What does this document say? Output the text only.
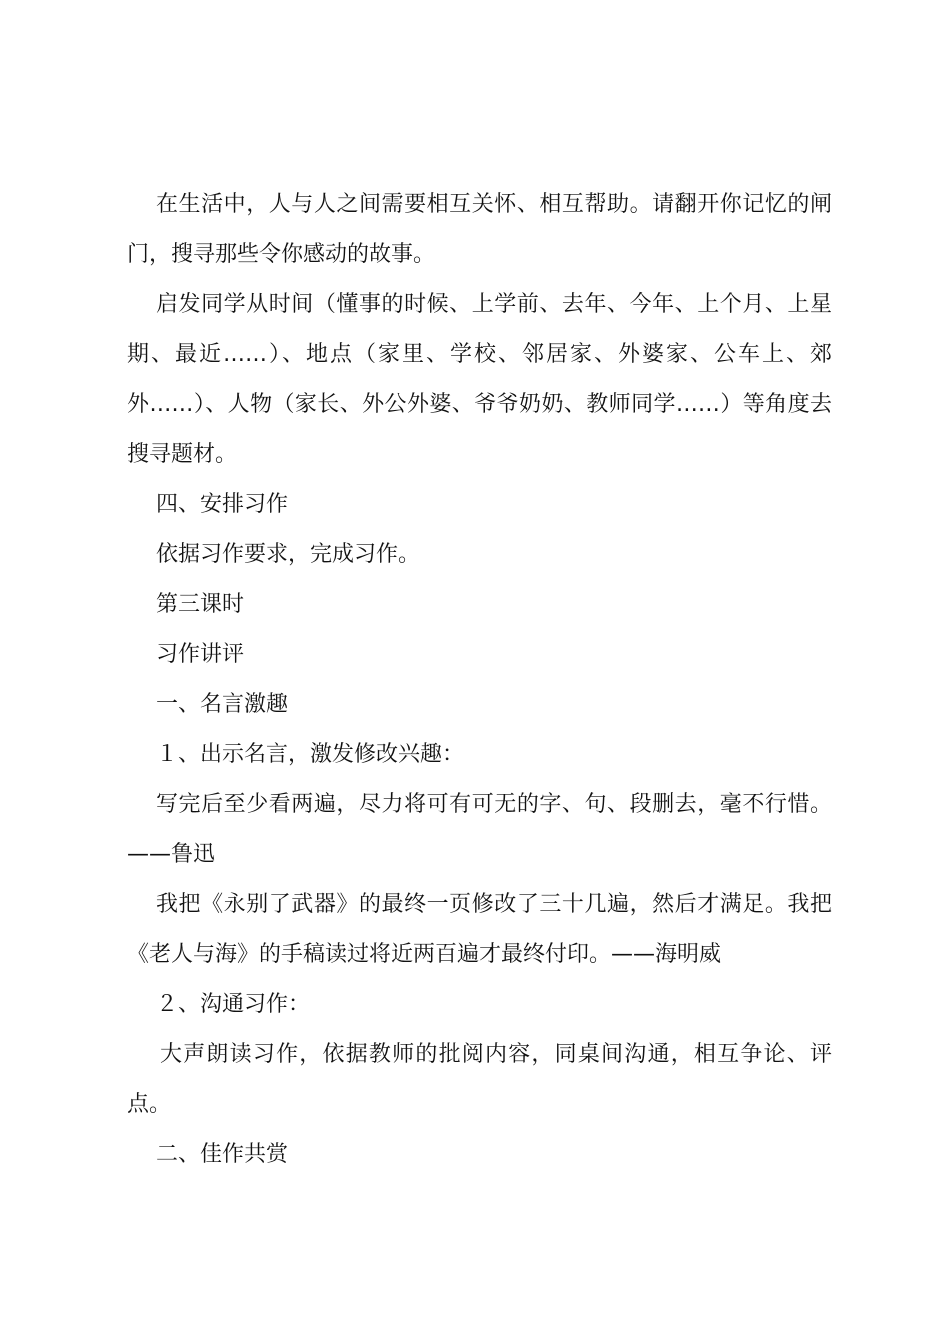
在生活中，人与人之间需要相互关怀、相互帮助。请翻开你记忆的闸门，搜寻那些令你感动的故事。

启发同学从时间（懂事的时候、上学前、去年、今年、上个月、上星期、最近……）、地点（家里、学校、邻居家、外婆家、公车上、郊外……）、人物（家长、外公外婆、爷爷奶奶、教师同学……）等角度去搜寻题材。

四、安排习作

依据习作要求，完成习作。

第三课时

习作讲评

一、名言激趣

１、出示名言，激发修改兴趣：

写完后至少看两遍，尽力将可有可无的字、句、段删去，毫不行惜。——鲁迅

我把《永别了武器》的最终一页修改了三十几遍，然后才满足。我把《老人与海》的手稿读过将近两百遍才最终付印。——海明威

２、沟通习作：

大声朗读习作，依据教师的批阅内容，同桌间沟通，相互争论、评点。

二、佳作共赏
